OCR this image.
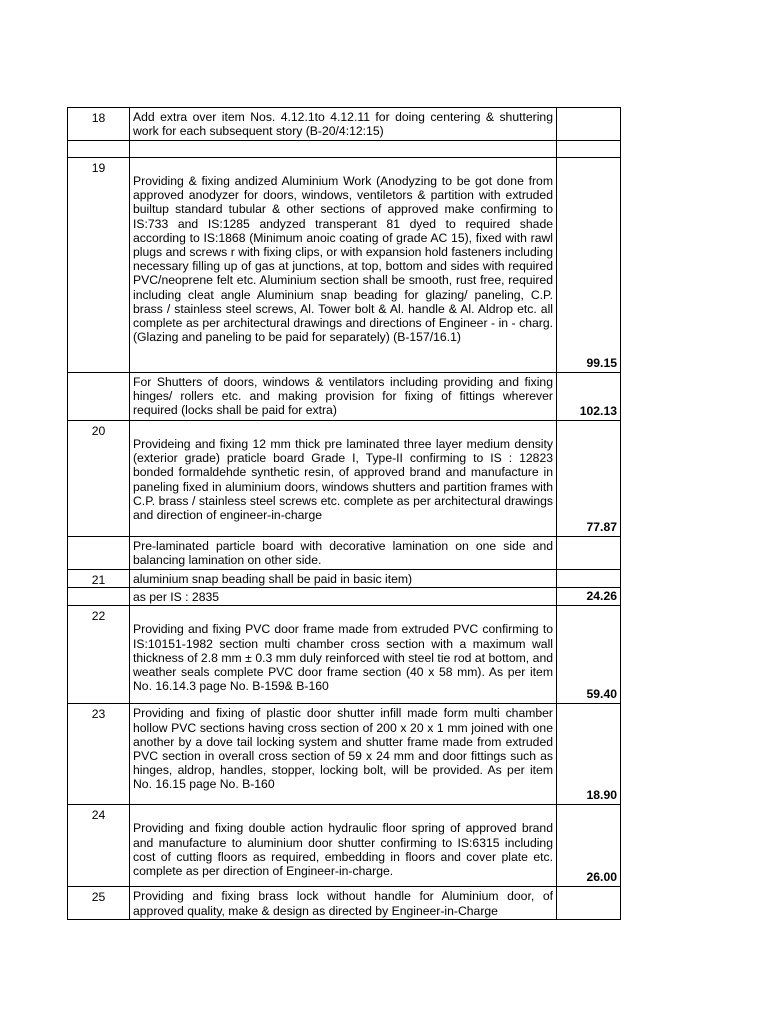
18	Add extra over item Nos. 4.12.1to 4.12.11 for doing centering & shuttering work for each subsequent story (B-20/4:12:15)	

19	Providing & fixing andized Aluminium Work (Anodyzing to be got done from approved anodyzer for doors, windows, ventiletors & partition with extruded builtup standard tubular & other sections of approved make confirming to IS:733 and IS:1285 andyzed transperant 81 dyed to required shade according to IS:1868 (Minimum anoic coating of grade AC 15), fixed with rawl plugs and screws r with fixing clips, or with expansion hold fasteners including necessary filling up of gas at junctions, at top, bottom and sides with required PVC/neoprene felt etc. Aluminium section shall be smooth, rust free, required including cleat angle Aluminium snap beading for glazing/ paneling, C.P. brass / stainless steel screws, Al. Tower bolt & Al. handle & Al. Aldrop etc. all complete as per architectural drawings and directions of Engineer - in - charg. (Glazing and paneling to be paid for separately) (B-157/16.1)	99.15

	For Shutters of doors, windows & ventilators including providing and fixing hinges/ rollers etc. and making provision for fixing of fittings wherever required (locks shall be paid for extra)	102.13
20	Provideing and fixing 12 mm thick pre laminated three layer medium density (exterior grade) praticle board Grade I, Type-II confirming to IS : 12823 bonded formaldehde synthetic resin, of approved brand and manufacture in paneling fixed in aluminium doors, windows shutters and partition frames with C.P. brass / stainless steel screws etc. complete as per architectural drawings and direction of engineer-in-charge	77.87

	Pre-laminated particle board with decorative lamination on one side and balancing lamination on other side.	

21	aluminium snap beading shall be paid in basic item)	

	as per IS : 2835	24.26
22	Providing and fixing PVC door frame made from extruded PVC confirming to IS:10151-1982 section multi chamber cross section with a maximum wall thickness of 2.8 mm ± 0.3 mm duly reinforced with steel tie rod at bottom, and weather seals complete PVC door frame section (40 x 58 mm). As per item No. 16.14.3 page No. B-159& B-160	59.40
23	Providing and fixing of plastic door shutter infill made form multi chamber hollow PVC sections having cross section of 200 x 20 x 1 mm joined with one another by a dove tail locking system and shutter frame made from extruded PVC section in overall cross section of 59 x 24 mm and door fittings such as hinges, aldrop, handles, stopper, locking bolt, will be provided. As per item No. 16.15 page No. B-160	18.90
24	Providing and fixing double action hydraulic floor spring of approved brand and manufacture to aluminium door shutter confirming to IS:6315 including cost of cutting floors as required, embedding in floors and cover plate etc. complete as per direction of Engineer-in-charge.	26.00
25	Providing and fixing brass lock without handle for Aluminium door, of approved quality, make & design as directed by Engineer-in-Charge	
